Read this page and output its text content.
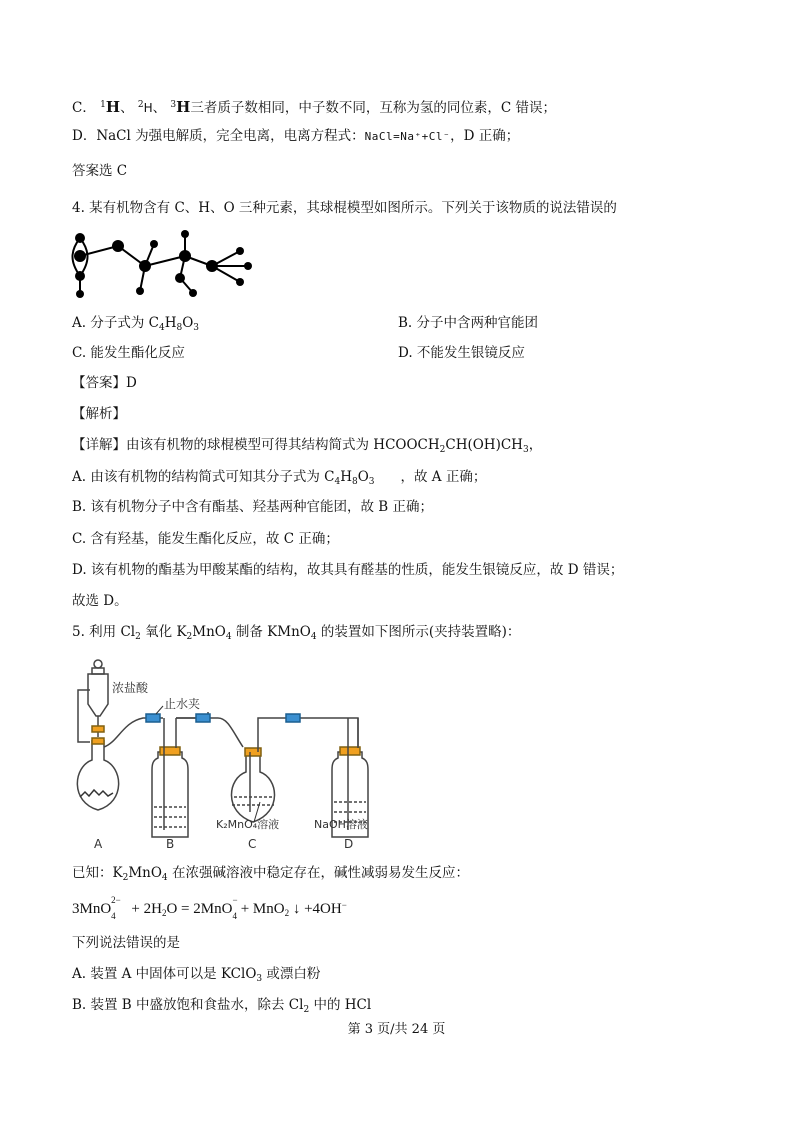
C． $^1$H、 $^2$H、 $^3$H三者质子数相同，中子数不同，互称为氢的同位素，C 错误；
D．NaCl 为强电解质，完全电离，电离方程式：NaCl=Na⁺+Cl⁻，D 正确；
答案选 C
4. 某有机物含有 C、H、O 三种元素，其球棍模型如图所示。下列关于该物质的说法错误的
A. 分子式为 $C_4H_8O_3$	B. 分子中含两种官能团
C. 能发生酯化反应	D. 不能发生银镜反应
【答案】D
【解析】
【详解】由该有机物的球棍模型可得其结构简式为 $HCOOCH_2CH(OH)CH_3$，
A. 由该有机物的结构简式可知其分子式为 $C_4H_8O_3$ ，故 A 正确；
B. 该有机物分子中含有酯基、羟基两种官能团，故 B 正确；
C. 含有羟基，能发生酯化反应，故 C 正确；
D. 该有机物的酯基为甲酸某酯的结构，故其具有醛基的性质，能发生银镜反应，故 D 错误；
故选 D。
5. 利用 $Cl_2$ 氧化 $K_2MnO_4$ 制备 KMnO$_4$ 的装置如下图所示(夹持装置略)：
浓盐酸
止水夹
K₂MnO₄溶液	NaOH溶液
A	B	C	D
已知：$K_2MnO_4$ 在浓强碱溶液中稳定存在，碱性减弱易发生反应：
3MnO
2−
$_4 + 2H_2O = 2MnO$
−
$_4$ + MnO$_2$ ↓ +4OH−
下列说法错误的是
A. 装置 A 中固体可以是 KClO$_3$ 或漂白粉
B. 装置 B 中盛放饱和食盐水，除去 $Cl_2$ 中的 HCl
第 3 页/共 24 页
